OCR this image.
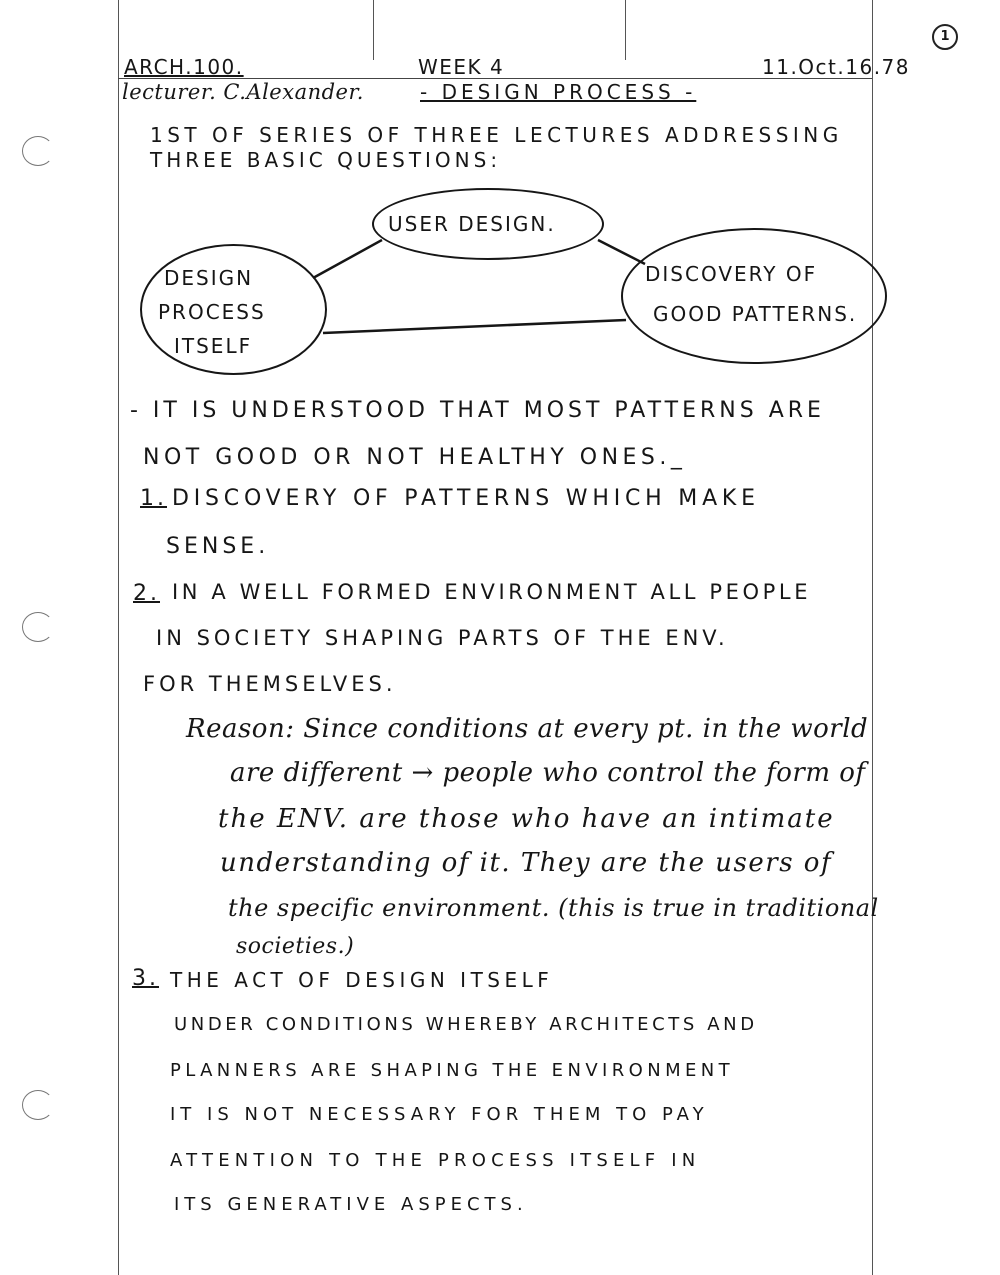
1
ARCH.100.	WEEK 4	11.Oct.16.78
lecturer. C.Alexander.	- DESIGN PROCESS -
1ST OF SERIES OF THREE LECTURES ADDRESSING
THREE BASIC QUESTIONS:
USER DESIGN.
DESIGN
PROCESS
ITSELF
DISCOVERY OF
GOOD PATTERNS.
- IT IS UNDERSTOOD THAT MOST PATTERNS ARE
NOT GOOD OR NOT HEALTHY ONES._
1. DISCOVERY OF PATTERNS WHICH MAKE
SENSE.
2. IN A WELL FORMED ENVIRONMENT ALL PEOPLE
IN SOCIETY SHAPING PARTS OF THE ENV.
FOR THEMSELVES.
Reason: Since conditions at every pt. in the world
are different → people who control the form of
the ENV. are those who have an intimate
understanding of it. They are the users of
the specific environment. (this is true in traditional
societies.)
3. THE ACT OF DESIGN ITSELF
UNDER CONDITIONS WHEREBY ARCHITECTS AND
PLANNERS ARE SHAPING THE ENVIRONMENT
IT IS NOT NECESSARY FOR THEM TO PAY
ATTENTION TO THE PROCESS ITSELF IN
ITS GENERATIVE ASPECTS.
